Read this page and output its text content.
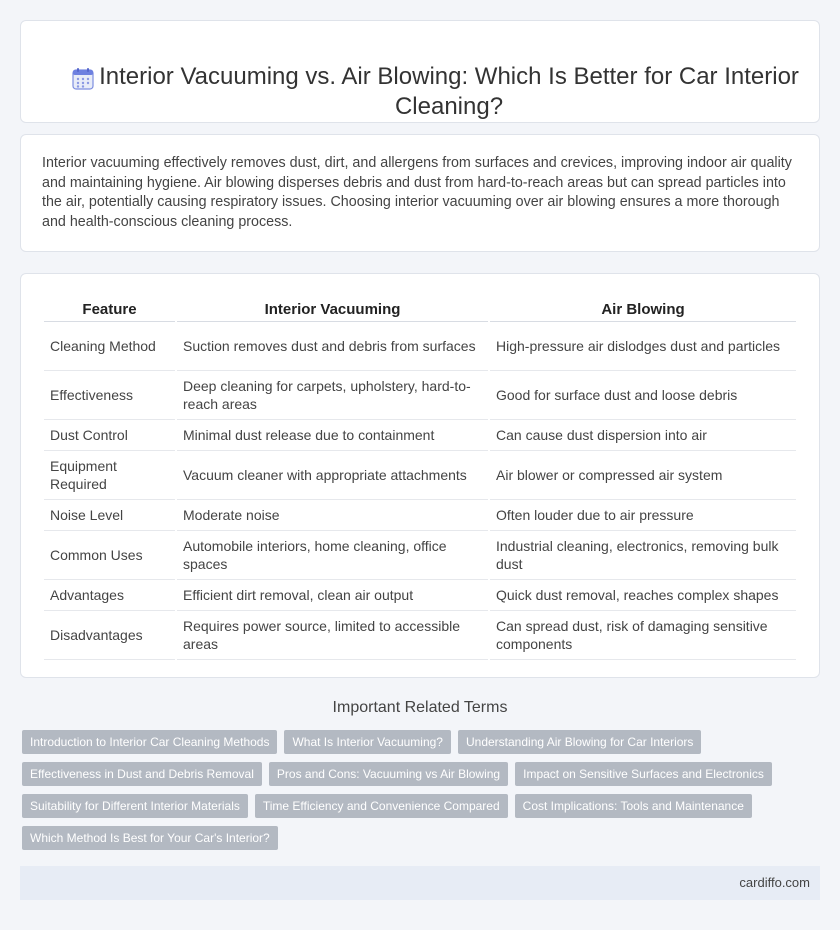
Interior Vacuuming vs. Air Blowing: Which Is Better for Car Interior Cleaning?

Interior vacuuming effectively removes dust, dirt, and allergens from surfaces and crevices, improving indoor air quality and maintaining hygiene. Air blowing disperses debris and dust from hard-to-reach areas but can spread particles into the air, potentially causing respiratory issues. Choosing interior vacuuming over air blowing ensures a more thorough and health-conscious cleaning process.

Feature	Interior Vacuuming	Air Blowing
Cleaning Method	Suction removes dust and debris from surfaces	High-pressure air dislodges dust and particles
Effectiveness	Deep cleaning for carpets, upholstery, hard-to-reach areas	Good for surface dust and loose debris
Dust Control	Minimal dust release due to containment	Can cause dust dispersion into air
Equipment Required	Vacuum cleaner with appropriate attachments	Air blower or compressed air system
Noise Level	Moderate noise	Often louder due to air pressure
Common Uses	Automobile interiors, home cleaning, office spaces	Industrial cleaning, electronics, removing bulk dust
Advantages	Efficient dirt removal, clean air output	Quick dust removal, reaches complex shapes
Disadvantages	Requires power source, limited to accessible areas	Can spread dust, risk of damaging sensitive components
Important Related Terms
Introduction to Interior Car Cleaning Methods	What Is Interior Vacuuming?	Understanding Air Blowing for Car Interiors
Effectiveness in Dust and Debris Removal	Pros and Cons: Vacuuming vs Air Blowing	Impact on Sensitive Surfaces and Electronics
Suitability for Different Interior Materials	Time Efficiency and Convenience Compared	Cost Implications: Tools and Maintenance
Which Method Is Best for Your Car's Interior?
cardiffo.com
